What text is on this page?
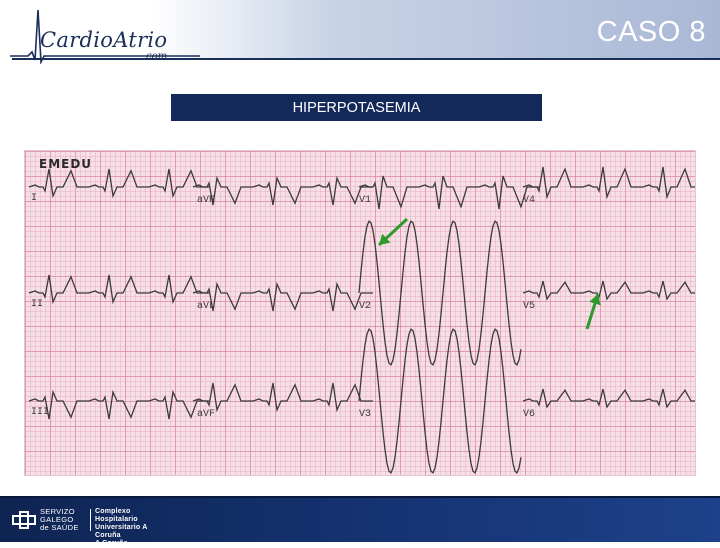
CardioAtrio
com
CASO 8
HIPERPOTASEMIA
EMEDU
I	aVR	V1	V4
II	aVL	V2	V5
III	aVF	V3	V6
SERVIZO
GALEGO
de SAÚDE
Complexo Hospitalario
Universitario A Coruña
A Coruña
